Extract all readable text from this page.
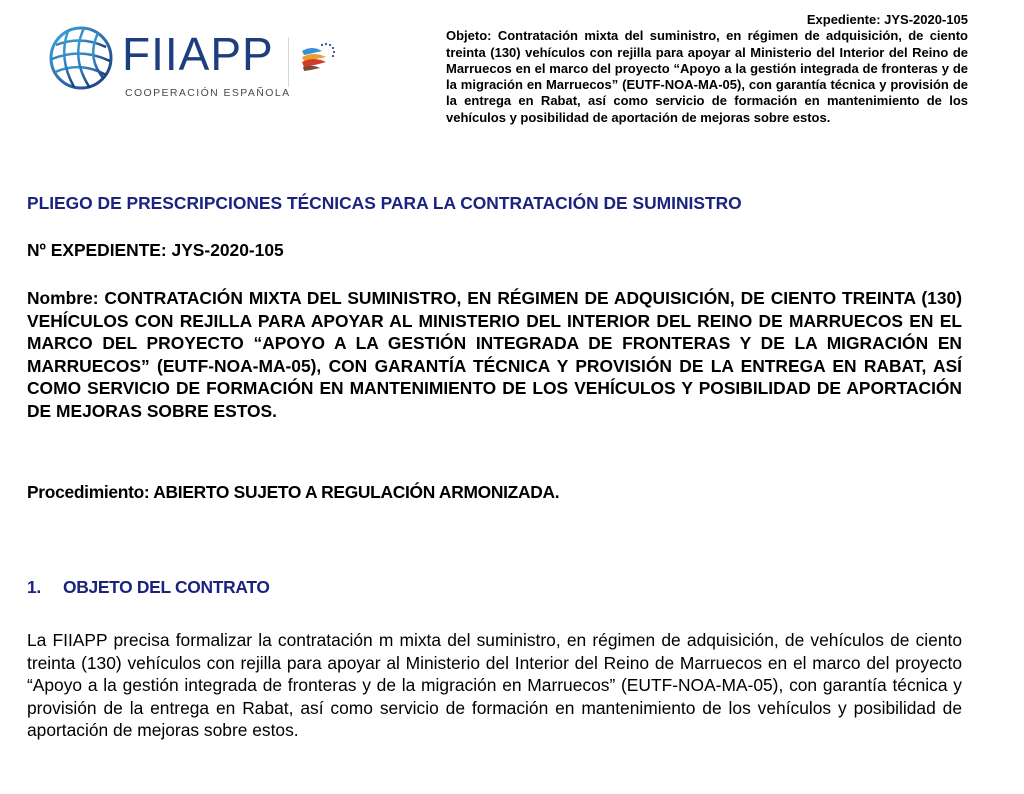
FIIAPP
COOPERACIÓN ESPAÑOLA
Expediente: JYS-2020-105
Objeto: Contratación mixta del suministro, en régimen de adquisición, de ciento treinta (130) vehículos con rejilla para apoyar al Ministerio del Interior del Reino de Marruecos en el marco del proyecto “Apoyo a la gestión integrada de fronteras y de la migración en Marruecos” (EUTF-NOA-MA-05), con garantía técnica y provisión de la entrega en Rabat, así como servicio de formación en mantenimiento de los vehículos y posibilidad de aportación de mejoras sobre estos.
PLIEGO DE PRESCRIPCIONES TÉCNICAS PARA LA CONTRATACIÓN DE SUMINISTRO
Nº EXPEDIENTE: JYS-2020-105
Nombre: CONTRATACIÓN MIXTA DEL SUMINISTRO, EN RÉGIMEN DE ADQUISICIÓN, DE CIENTO TREINTA (130) VEHÍCULOS CON REJILLA PARA APOYAR AL MINISTERIO DEL INTERIOR DEL REINO DE MARRUECOS EN EL MARCO DEL PROYECTO “APOYO A LA GESTIÓN INTEGRADA DE FRONTERAS Y DE LA MIGRACIÓN EN MARRUECOS” (EUTF-NOA-MA-05), CON GARANTÍA TÉCNICA Y PROVISIÓN DE LA ENTREGA EN RABAT, ASÍ COMO SERVICIO DE FORMACIÓN EN MANTENIMIENTO DE LOS VEHÍCULOS Y POSIBILIDAD DE APORTACIÓN DE MEJORAS SOBRE ESTOS.
Procedimiento: ABIERTO SUJETO A REGULACIÓN ARMONIZADA.
1. OBJETO DEL CONTRATO
La FIIAPP precisa formalizar la contratación m mixta del suministro, en régimen de adquisición, de vehículos de ciento treinta (130) vehículos con rejilla para apoyar al Ministerio del Interior del Reino de Marruecos en el marco del proyecto “Apoyo a la gestión integrada de fronteras y de la migración en Marruecos” (EUTF-NOA-MA-05), con garantía técnica y provisión de la entrega en Rabat, así como servicio de formación en mantenimiento de los vehículos y posibilidad de aportación de mejoras sobre estos.
